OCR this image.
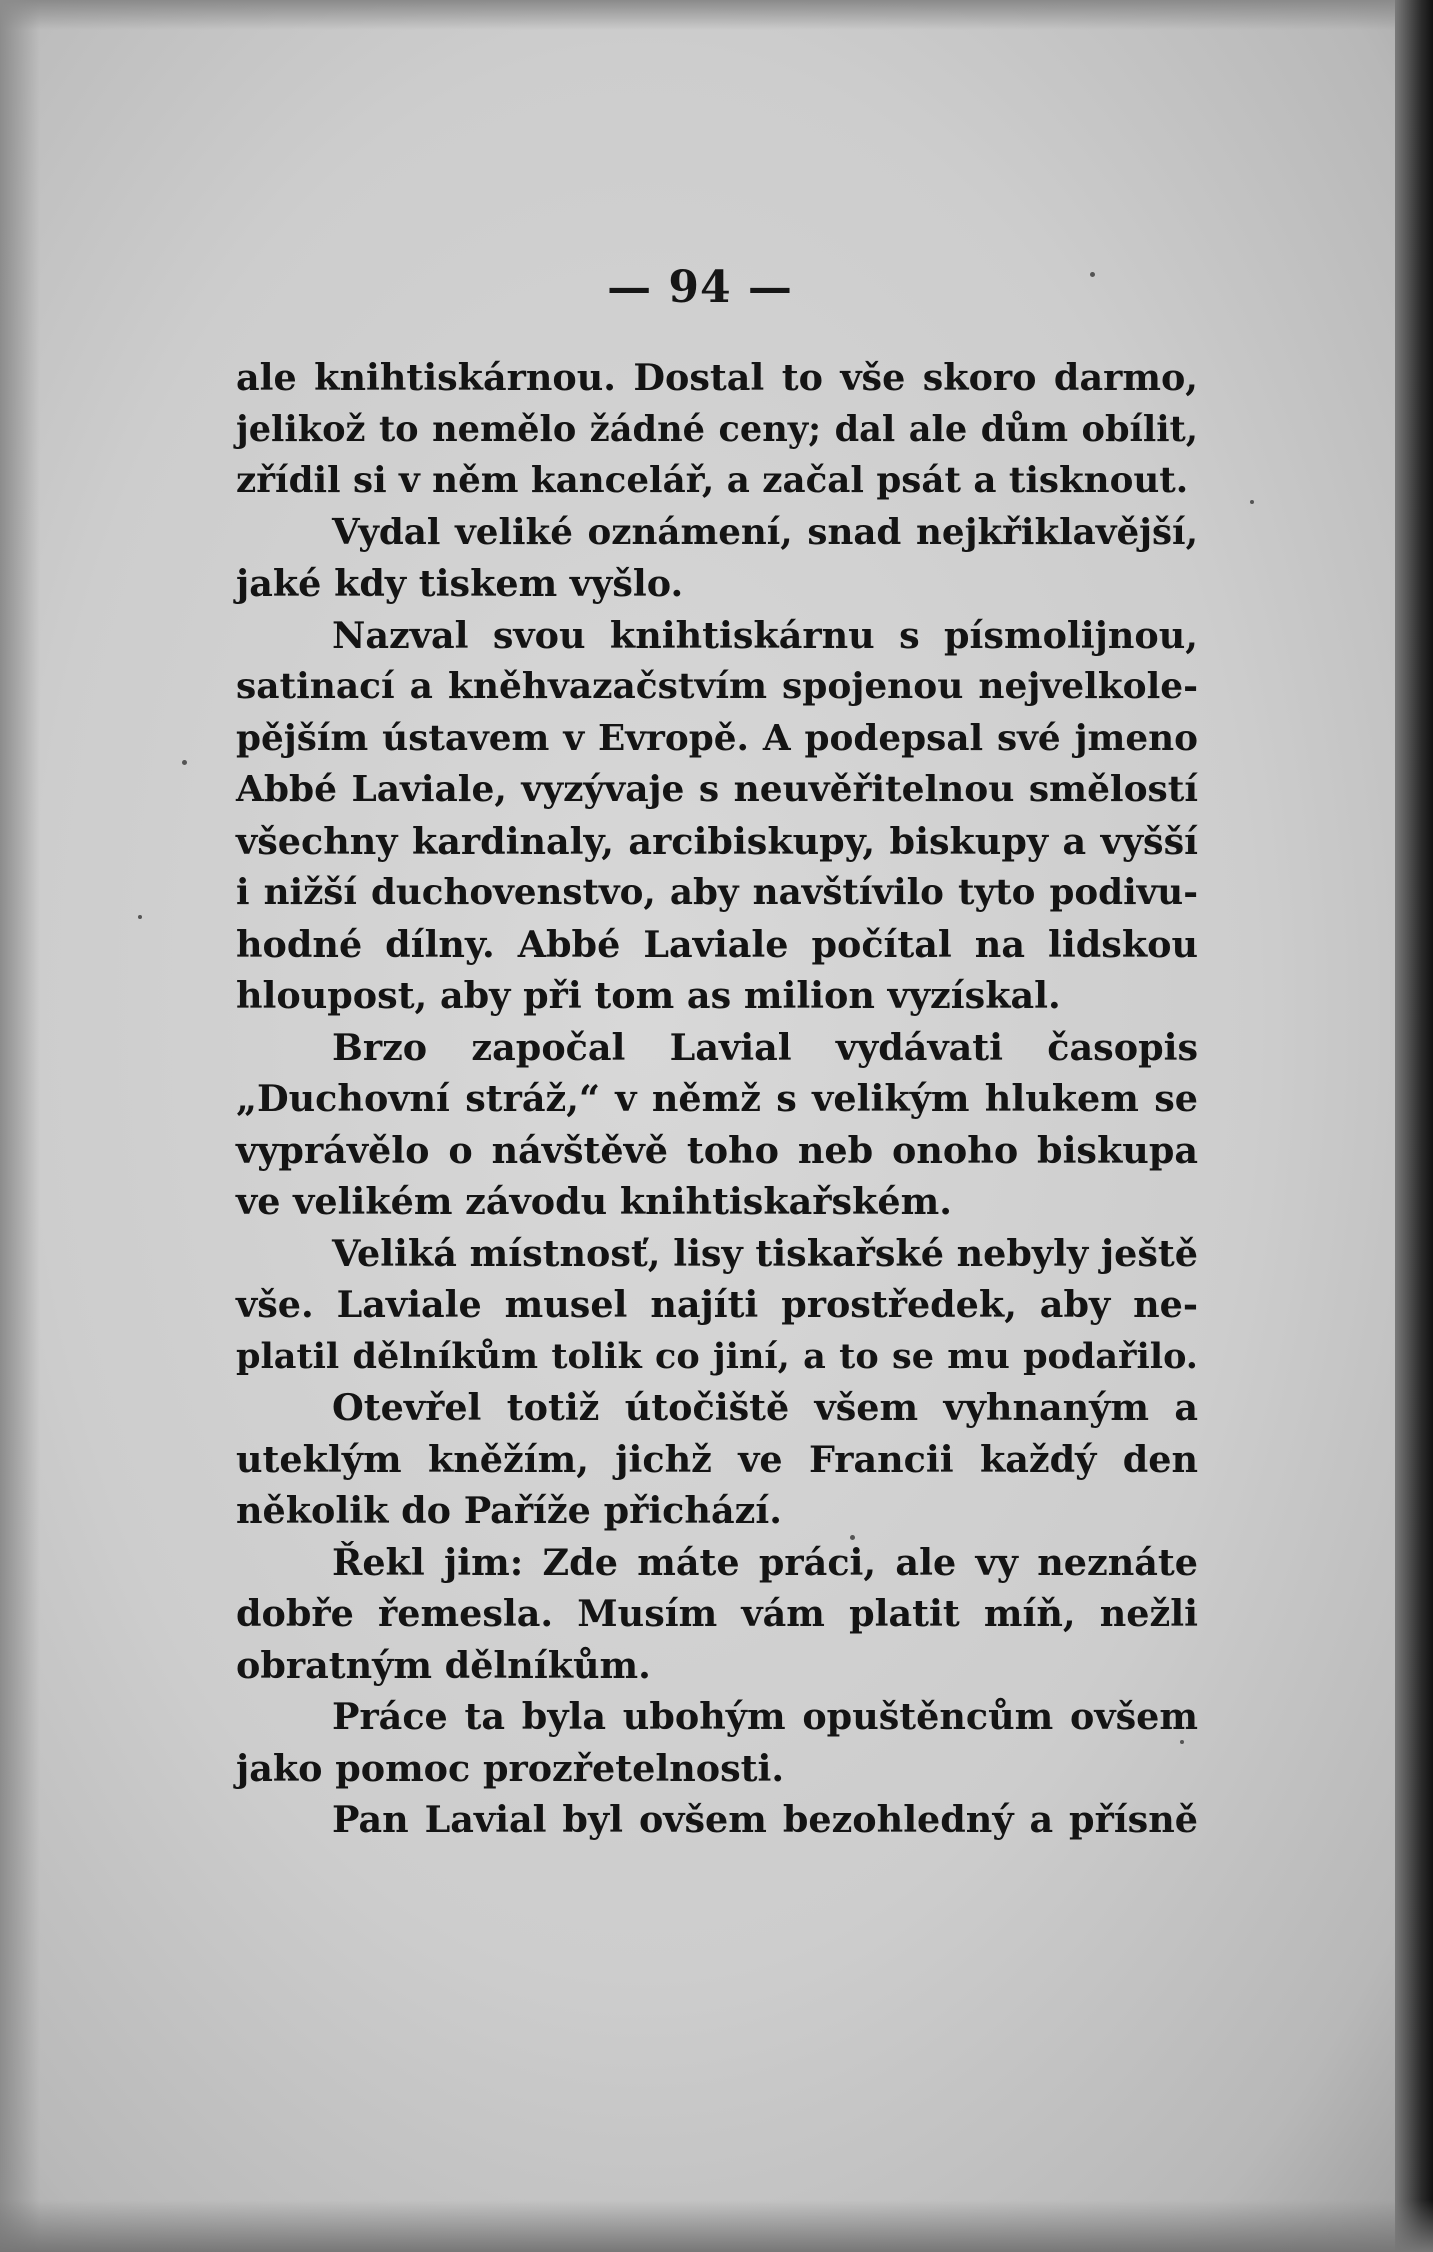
— 94 —
ale knihtiskárnou. Dostal to vše skoro darmo,
jelikož to nemělo žádné ceny; dal ale dům obílit,
zřídil si v něm kancelář, a začal psát a tisknout.
Vydal veliké oznámení, snad nejkřiklavější,
jaké kdy tiskem vyšlo.
Nazval svou knihtiskárnu s písmolijnou,
satinací a kněhvazačstvím spojenou nejvelkole-
pějším ústavem v Evropě. A podepsal své jmeno
Abbé Laviale, vyzývaje s neuvěřitelnou smělostí
všechny kardinaly, arcibiskupy, biskupy a vyšší
i nižší duchovenstvo, aby navštívilo tyto podivu-
hodné dílny. Abbé Laviale počítal na lidskou
hloupost, aby při tom as milion vyzískal.
Brzo započal Lavial vydávati časopis
„Duchovní stráž,“ v němž s velikým hlukem se
vyprávělo o návštěvě toho neb onoho biskupa
ve velikém závodu knihtiskařském.
Veliká místnosť, lisy tiskařské nebyly ještě
vše. Laviale musel najíti prostředek, aby ne-
platil dělníkům tolik co jiní, a to se mu podařilo.
Otevřel totiž útočiště všem vyhnaným a
uteklým kněžím, jichž ve Francii každý den
několik do Paříže přichází.
Řekl jim: Zde máte práci, ale vy neznáte
dobře řemesla. Musím vám platit míň, nežli
obratným dělníkům.
Práce ta byla ubohým opuštěncům ovšem
jako pomoc prozřetelnosti.
Pan Lavial byl ovšem bezohledný a přísně
